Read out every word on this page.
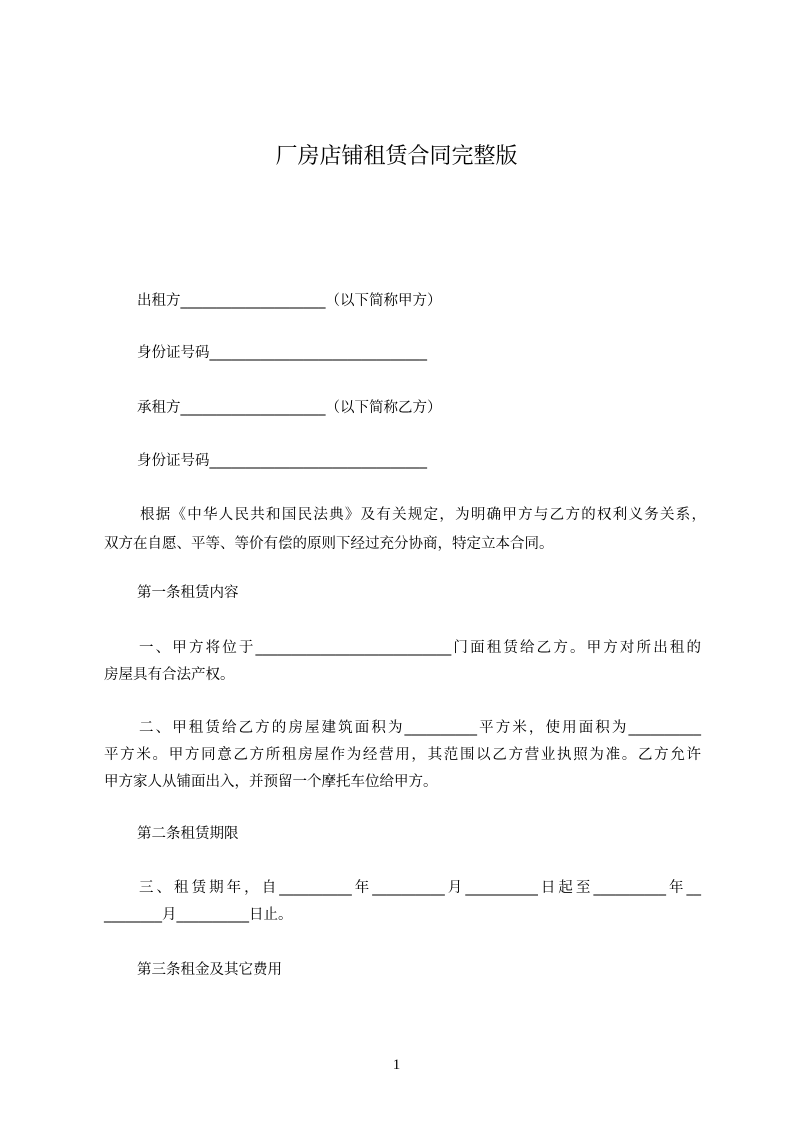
厂房店铺租赁合同完整版
出租方____________________（以下简称甲方）
身份证号码______________________________
承租方____________________（以下简称乙方）
身份证号码______________________________
根据《中华人民共和国民法典》及有关规定，为明确甲方与乙方的权利义务关系，
双方在自愿、平等、等价有偿的原则下经过充分协商，特定立本合同。
第一条租赁内容
一、甲方将位于___________________________门面租赁给乙方。甲方对所出租的
房屋具有合法产权。
二、甲租赁给乙方的房屋建筑面积为__________平方米，使用面积为__________
平方米。甲方同意乙方所租房屋作为经营用，其范围以乙方营业执照为准。乙方允许
甲方家人从铺面出入，并预留一个摩托车位给甲方。
第二条租赁期限
三、租赁期年，自__________年__________月__________日起至__________年__
________月__________日止。
第三条租金及其它费用
1
